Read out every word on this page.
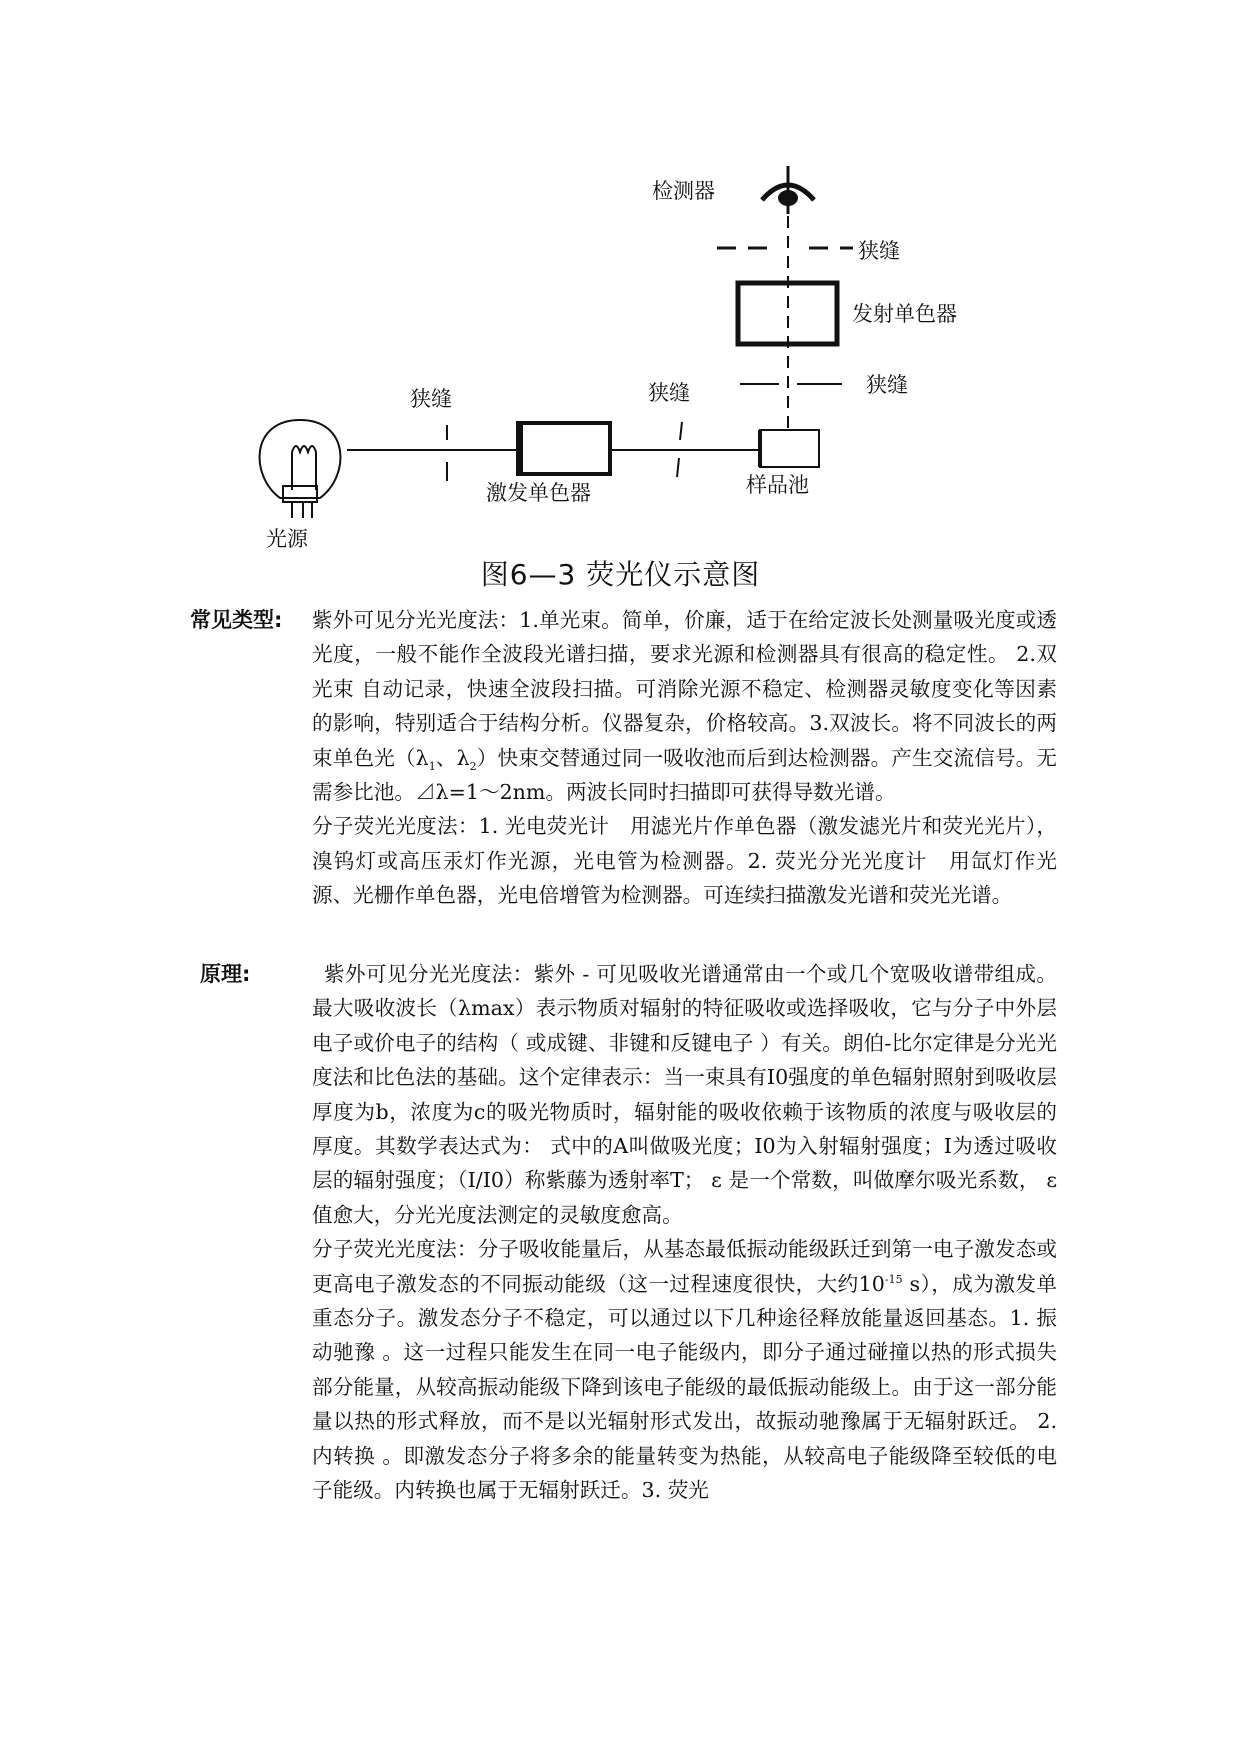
检测器
狭缝
发射单色器
狭缝
狭缝	狭缝
激发单色器	样品池
光源
图6—3 荧光仪示意图
常见类型: 紫外可见分光光度法：1.单光束。简单，价廉，适于在给定波长处测量吸光度或透光度，一般不能作全波段光谱扫描，要求光源和检测器具有很高的稳定性。 2.双光束 自动记录，快速全波段扫描。可消除光源不稳定、检测器灵敏度变化等因素的影响，特别适合于结构分析。仪器复杂，价格较高。3.双波长。将不同波长的两束单色光（$\lambda_1$、$\lambda_2$）快束交替通过同一吸收池而后到达检测器。产生交流信号。无需参比池。⊿λ=1～2nm。两波长同时扫描即可获得导数光谱。

分子荧光光度法：1. 光电荧光计　用滤光片作单色器（激发滤光片和荧光光片），溴钨灯或高压汞灯作光源，光电管为检测器。2. 荧光分光光度计　用氙灯作光源、光栅作单色器，光电倍增管为检测器。可连续扫描激发光谱和荧光光谱。

原理:	紫外可见分光光度法：紫外 - 可见吸收光谱通常由一个或几个宽吸收谱带组成。最大吸收波长（λmax）表示物质对辐射的特征吸收或选择吸收，它与分子中外层电子或价电子的结构（ 或成键、非键和反键电子 ）有关。朗伯-比尔定律是分光光度法和比色法的基础。这个定律表示：当一束具有I0强度的单色辐射照射到吸收层厚度为b，浓度为c的吸光物质时，辐射能的吸收依赖于该物质的浓度与吸收层的厚度。其数学表达式为： 式中的A叫做吸光度；I0为入射辐射强度；I为透过吸收层的辐射强度；（I/I0）称紫藤为透射率T； ε 是一个常数，叫做摩尔吸光系数， ε 值愈大，分光光度法测定的灵敏度愈高。

分子荧光光度法：分子吸收能量后，从基态最低振动能级跃迁到第一电子激发态或更高电子激发态的不同振动能级（这一过程速度很快，大约$10^{-15}$ s），成为激发单重态分子。激发态分子不稳定，可以通过以下几种途径释放能量返回基态。1. 振动驰豫 。这一过程只能发生在同一电子能级内，即分子通过碰撞以热的形式损失部分能量，从较高振动能级下降到该电子能级的最低振动能级上。由于这一部分能量以热的形式释放，而不是以光辐射形式发出，故振动驰豫属于无辐射跃迁。 2. 内转换 。即激发态分子将多余的能量转变为热能，从较高电子能级降至较低的电子能级。内转换也属于无辐射跃迁。3. 荧光
